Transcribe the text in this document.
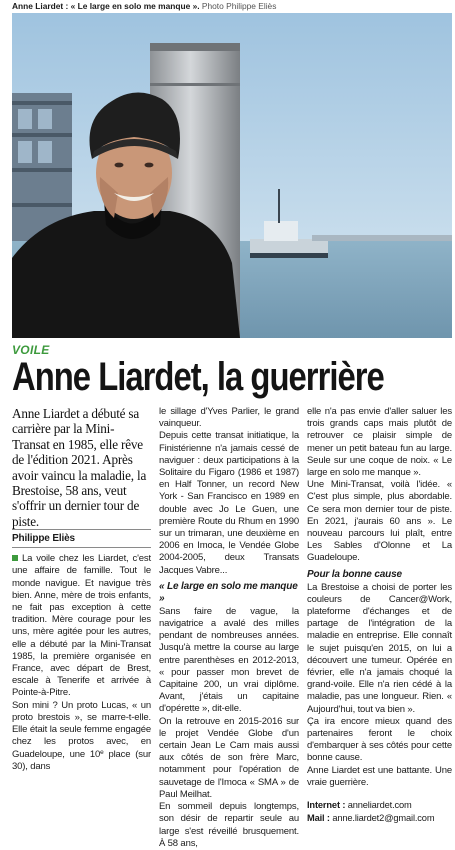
Anne Liardet : « Le large en solo me manque ». Photo Philippe Eliès
VOILE
Anne Liardet, la guerrière

Anne Liardet a débuté sa carrière par la Mini-Transat en 1985, elle rêve de l'édition 2021. Après avoir vaincu la maladie, la Brestoise, 58 ans, veut s'offrir un dernier tour de piste.

Philippe Eliès

La voile chez les Liardet, c'est une affaire de famille. Tout le monde navigue. Et navigue très bien. Anne, mère de trois enfants, ne fait pas exception à cette tradition. Mère courage pour les uns, mère agitée pour les autres, elle a débuté par la Mini-Transat 1985, la première organisée en France, avec départ de Brest, escale à Tenerife et arrivée à Pointe-à-Pitre.

Son mini ? Un proto Lucas, « un proto brestois », se marre-t-elle. Elle était la seule femme engagée chez les protos avec, en Guadeloupe, une 10e place (sur 30), dans

le sillage d'Yves Parlier, le grand vainqueur.

Depuis cette transat initiatique, la Finistérienne n'a jamais cessé de naviguer : deux participations à la Solitaire du Figaro (1986 et 1987) en Half Tonner, un record New York - San Francisco en 1989 en double avec Jo Le Guen, une première Route du Rhum en 1990 sur un trimaran, une deuxième en 2006 en Imoca, le Vendée Globe 2004-2005, deux Transats Jacques Vabre...

« Le large en solo me manque »

Sans faire de vague, la navigatrice a avalé des milles pendant de nombreuses années. Jusqu'à mettre la course au large entre parenthèses en 2012-2013, « pour passer mon brevet de Capitaine 200, un vrai diplôme. Avant, j'étais un capitaine d'opérette », dit-elle.

On la retrouve en 2015-2016 sur le projet Vendée Globe d'un certain Jean Le Cam mais aussi aux côtés de son frère Marc, notamment pour l'opération de sauvetage de l'Imoca « SMA » de Paul Meilhat.

En sommeil depuis longtemps, son désir de repartir seule au large s'est réveillé brusquement. À 58 ans,

elle n'a pas envie d'aller saluer les trois grands caps mais plutôt de retrouver ce plaisir simple de mener un petit bateau fun au large. Seule sur une coque de noix. « Le large en solo me manque ».

Une Mini-Transat, voilà l'idée. « C'est plus simple, plus abordable. Ce sera mon dernier tour de piste. En 2021, j'aurais 60 ans ». Le nouveau parcours lui plaît, entre Les Sables d'Olonne et La Guadeloupe.

Pour la bonne cause

La Brestoise a choisi de porter les couleurs de Cancer@Work, plateforme d'échanges et de partage de l'intégration de la maladie en entreprise. Elle connaît le sujet puisqu'en 2015, on lui a découvert une tumeur. Opérée en février, elle n'a jamais choqué la grand-voile. Elle n'a rien cédé à la maladie, pas une longueur. Rien. « Aujourd'hui, tout va bien ».

Ça ira encore mieux quand des partenaires feront le choix d'embarquer à ses côtés pour cette bonne cause.

Anne Liardet est une battante. Une vraie guerrière.

Internet : anneliardet.com
Mail : anne.liardet2@gmail.com
